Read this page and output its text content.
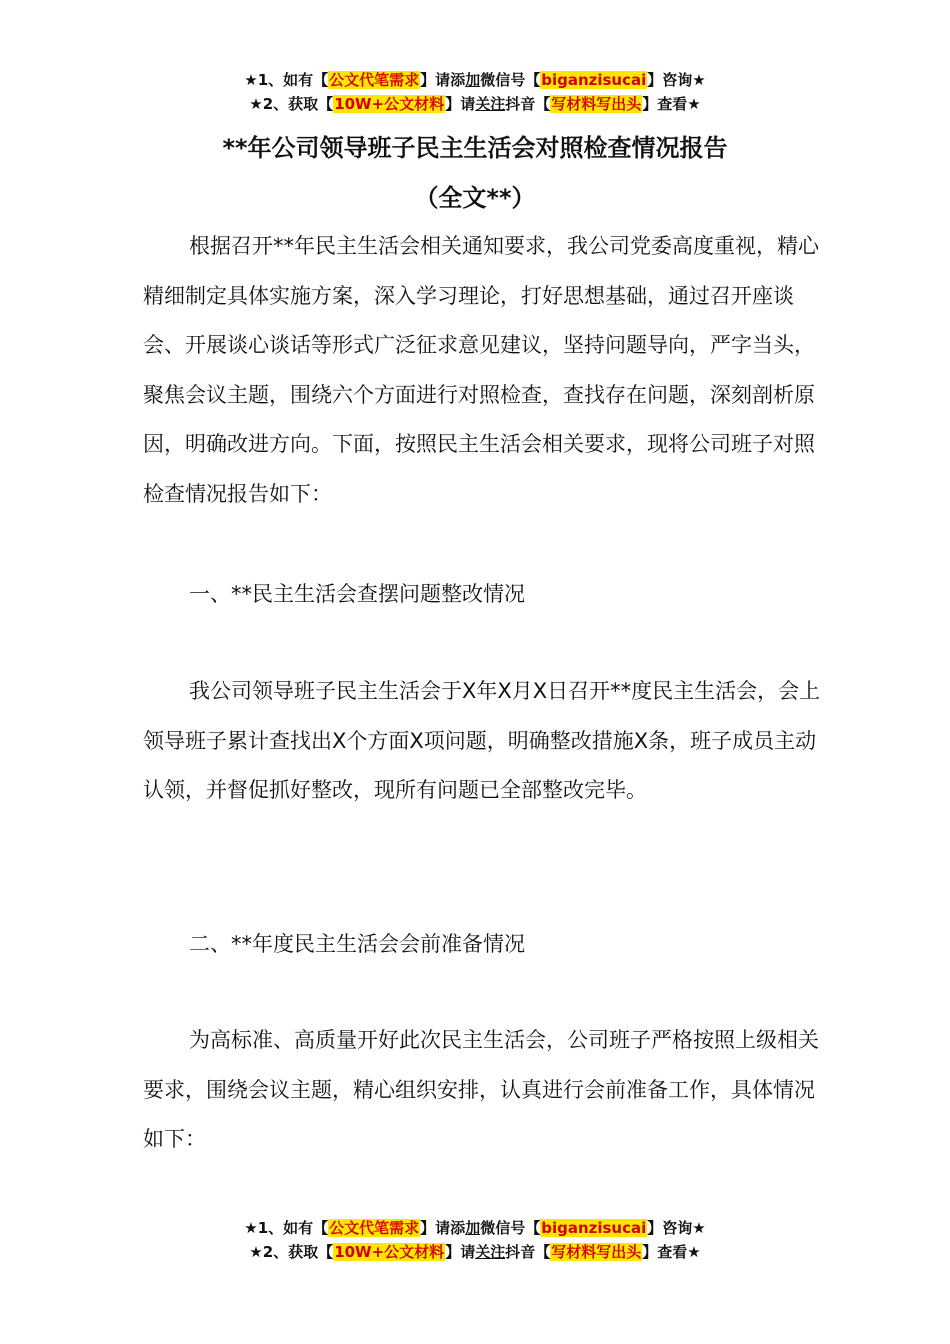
★1、如有【公文代笔需求】请添加微信号【biganzisucai】咨询★
★2、获取【10W+公文材料】请关注抖音【写材料写出头】查看★
**年公司领导班子民主生活会对照检查情况报告
（全文**）

根据召开**年民主生活会相关通知要求，我公司党委高度重视，精心精细制定具体实施方案，深入学习理论，打好思想基础，通过召开座谈会、开展谈心谈话等形式广泛征求意见建议，坚持问题导向，严字当头，聚焦会议主题，围绕六个方面进行对照检查，查找存在问题，深刻剖析原因，明确改进方向。下面，按照民主生活会相关要求，现将公司班子对照检查情况报告如下：

一、**民主生活会查摆问题整改情况

我公司领导班子民主生活会于X年X月X日召开**度民主生活会，会上领导班子累计查找出X个方面X项问题，明确整改措施X条，班子成员主动认领，并督促抓好整改，现所有问题已全部整改完毕。

二、**年度民主生活会会前准备情况

为高标准、高质量开好此次民主生活会，公司班子严格按照上级相关要求，围绕会议主题，精心组织安排，认真进行会前准备工作，具体情况如下：

★1、如有【公文代笔需求】请添加微信号【biganzisucai】咨询★
★2、获取【10W+公文材料】请关注抖音【写材料写出头】查看★
